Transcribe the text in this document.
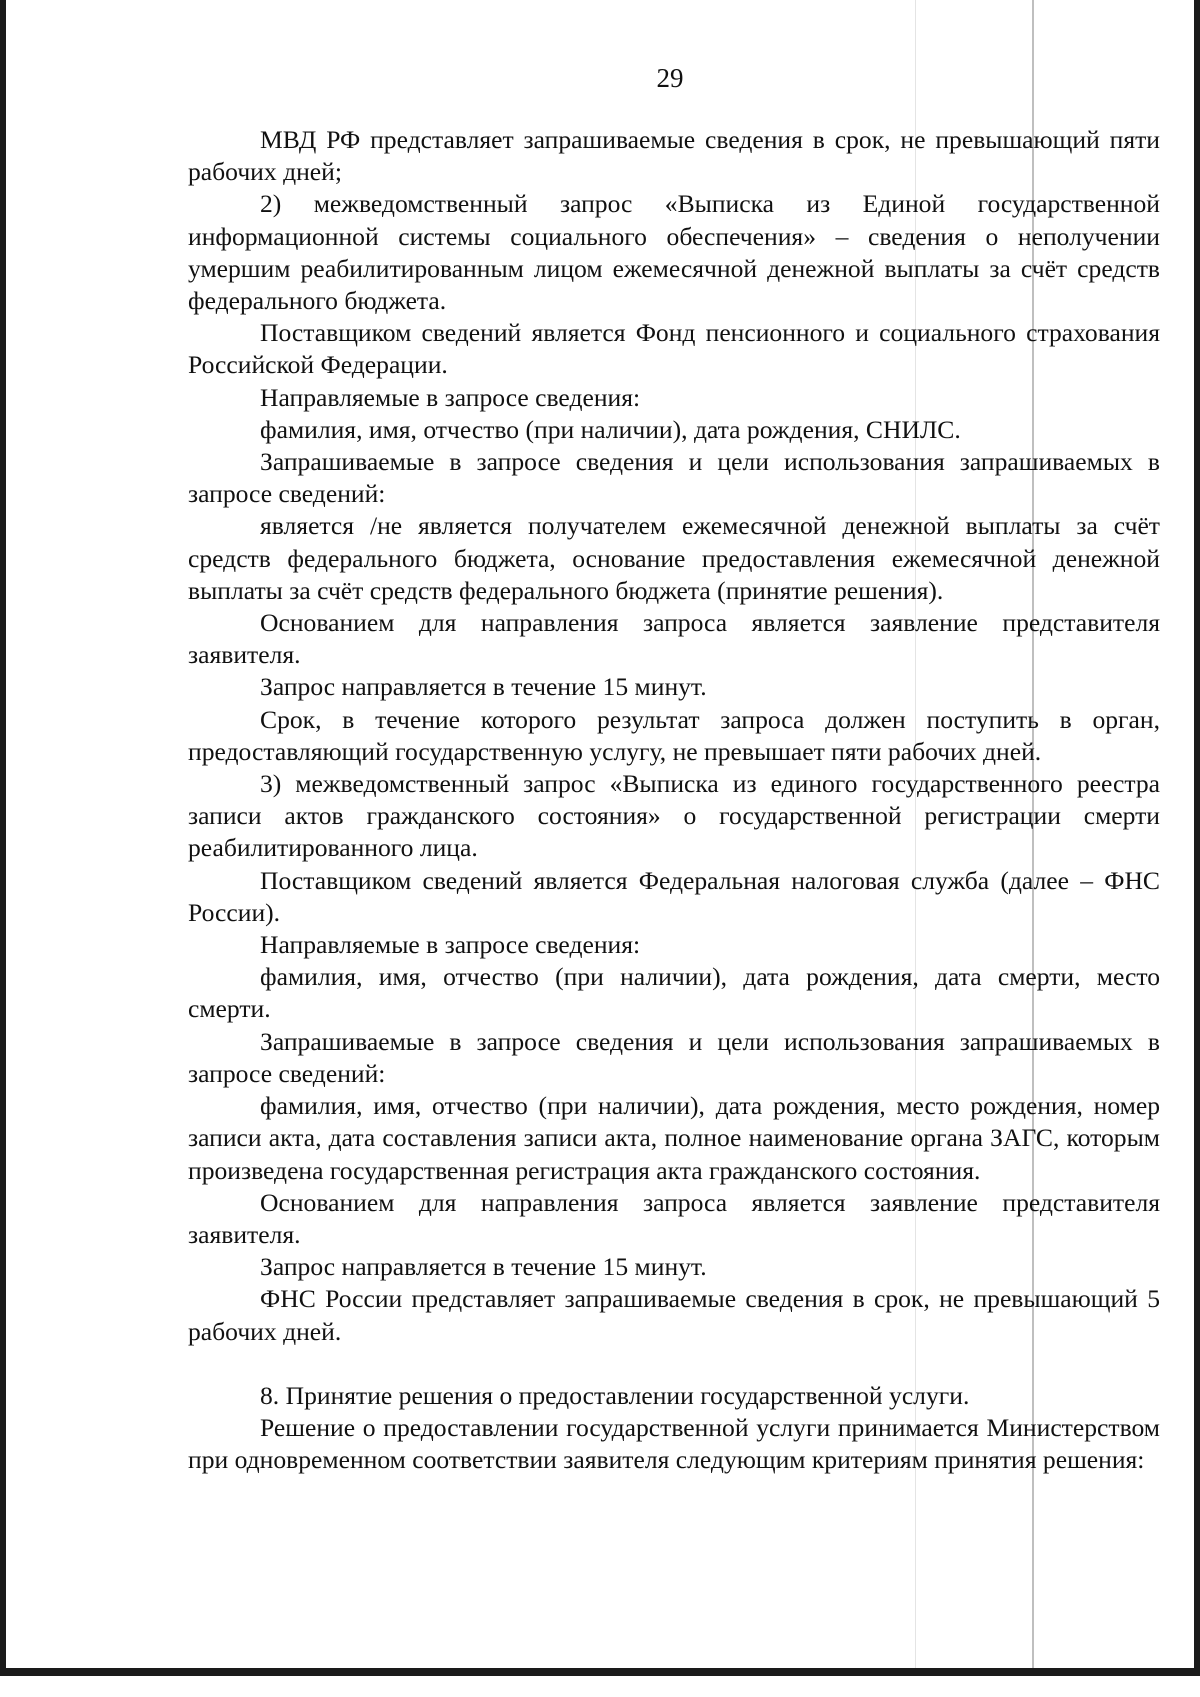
29

МВД РФ представляет запрашиваемые сведения в срок, не превышающий пяти рабочих дней;

2) межведомственный запрос «Выписка из Единой государственной информационной системы социального обеспечения» – сведения о неполучении умершим реабилитированным лицом ежемесячной денежной выплаты за счёт средств федерального бюджета.

Поставщиком сведений является Фонд пенсионного и социального страхования Российской Федерации.

Направляемые в запросе сведения:

фамилия, имя, отчество (при наличии), дата рождения, СНИЛС.

Запрашиваемые в запросе сведения и цели использования запрашиваемых в запросе сведений:

является /не является получателем ежемесячной денежной выплаты за счёт средств федерального бюджета, основание предоставления ежемесячной денежной выплаты за счёт средств федерального бюджета (принятие решения).

Основанием для направления запроса является заявление представителя заявителя.

Запрос направляется в течение 15 минут.

Срок, в течение которого результат запроса должен поступить в орган, предоставляющий государственную услугу, не превышает пяти рабочих дней.

3) межведомственный запрос «Выписка из единого государственного реестра записи актов гражданского состояния» о государственной регистрации смерти реабилитированного лица.

Поставщиком сведений является Федеральная налоговая служба (далее – ФНС России).

Направляемые в запросе сведения:

фамилия, имя, отчество (при наличии), дата рождения, дата смерти, место смерти.

Запрашиваемые в запросе сведения и цели использования запрашиваемых в запросе сведений:

фамилия, имя, отчество (при наличии), дата рождения, место рождения, номер записи акта, дата составления записи акта, полное наименование органа ЗАГС, которым произведена государственная регистрация акта гражданского состояния.

Основанием для направления запроса является заявление представителя заявителя.

Запрос направляется в течение 15 минут.

ФНС России представляет запрашиваемые сведения в срок, не превышающий 5 рабочих дней.

8. Принятие решения о предоставлении государственной услуги.

Решение о предоставлении государственной услуги принимается Министерством при одновременном соответствии заявителя следующим критериям принятия решения:
